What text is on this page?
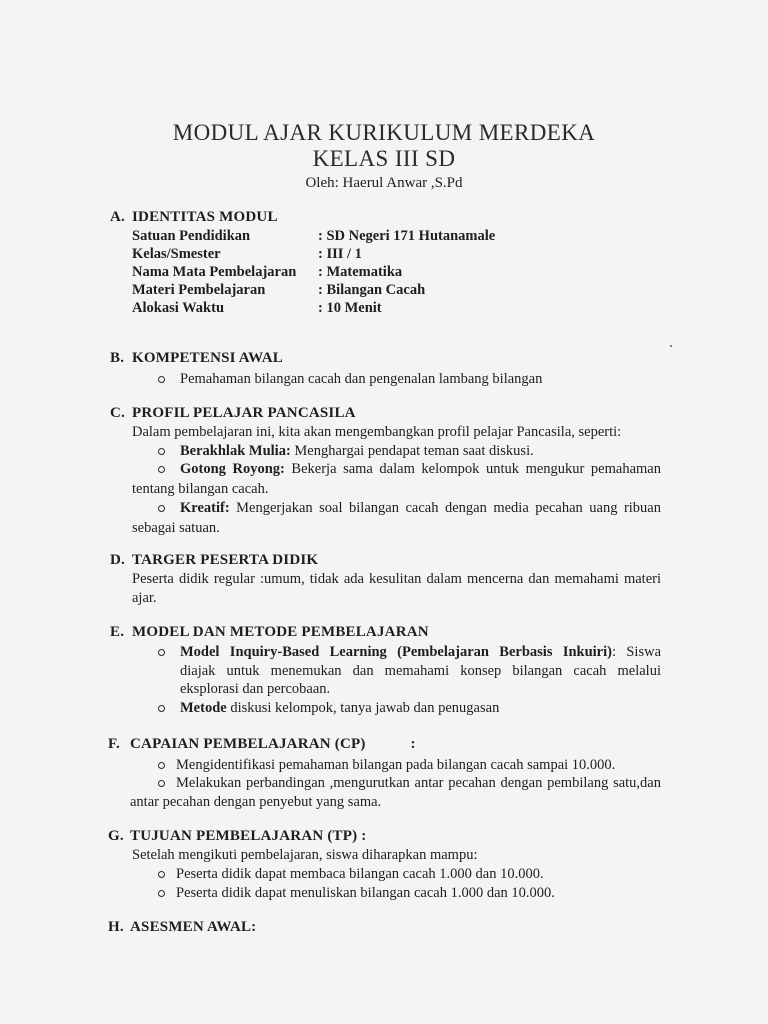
MODUL AJAR KURIKULUM MERDEKA
KELAS III SD
Oleh: Haerul Anwar ,S.Pd
A. IDENTITAS MODUL
Satuan Pendidikan	: SD Negeri 171 Hutanamale
Kelas/Smester	: III / 1
Nama Mata Pembelajaran : Matematika
Materi Pembelajaran	: Bilangan Cacah
Alokasi Waktu	: 10 Menit
B. KOMPETENSI AWAL
Pemahaman bilangan cacah dan pengenalan lambang bilangan
C. PROFIL PELAJAR PANCASILA
Dalam pembelajaran ini, kita akan mengembangkan profil pelajar Pancasila, seperti:
Berakhlak Mulia: Menghargai pendapat teman saat diskusi.
Gotong Royong: Bekerja sama dalam kelompok untuk mengukur pemahaman
tentang bilangan cacah.
Kreatif: Mengerjakan soal bilangan cacah dengan media pecahan uang ribuan
sebagai satuan.
D. TARGER PESERTA DIDIK
Peserta didik regular :umum, tidak ada kesulitan dalam mencerna dan memahami materi
ajar.
E. MODEL DAN METODE PEMBELAJARAN
Model Inquiry-Based Learning (Pembelajaran Berbasis Inkuiri): Siswa
diajak untuk menemukan dan memahami konsep bilangan cacah melalui
eksplorasi dan percobaan.
Metode diskusi kelompok, tanya jawab dan penugasan
F. CAPAIAN PEMBELAJARAN (CP)	:
Mengidentifikasi pemahaman bilangan pada bilangan cacah sampai 10.000.
Melakukan perbandingan ,mengurutkan antar pecahan dengan pembilang satu,dan
antar pecahan dengan penyebut yang sama.
G. TUJUAN PEMBELAJARAN (TP) :
Setelah mengikuti pembelajaran, siswa diharapkan mampu:
Peserta didik dapat membaca bilangan cacah 1.000 dan 10.000.
Peserta didik dapat menuliskan bilangan cacah 1.000 dan 10.000.
H. ASESMEN AWAL:
